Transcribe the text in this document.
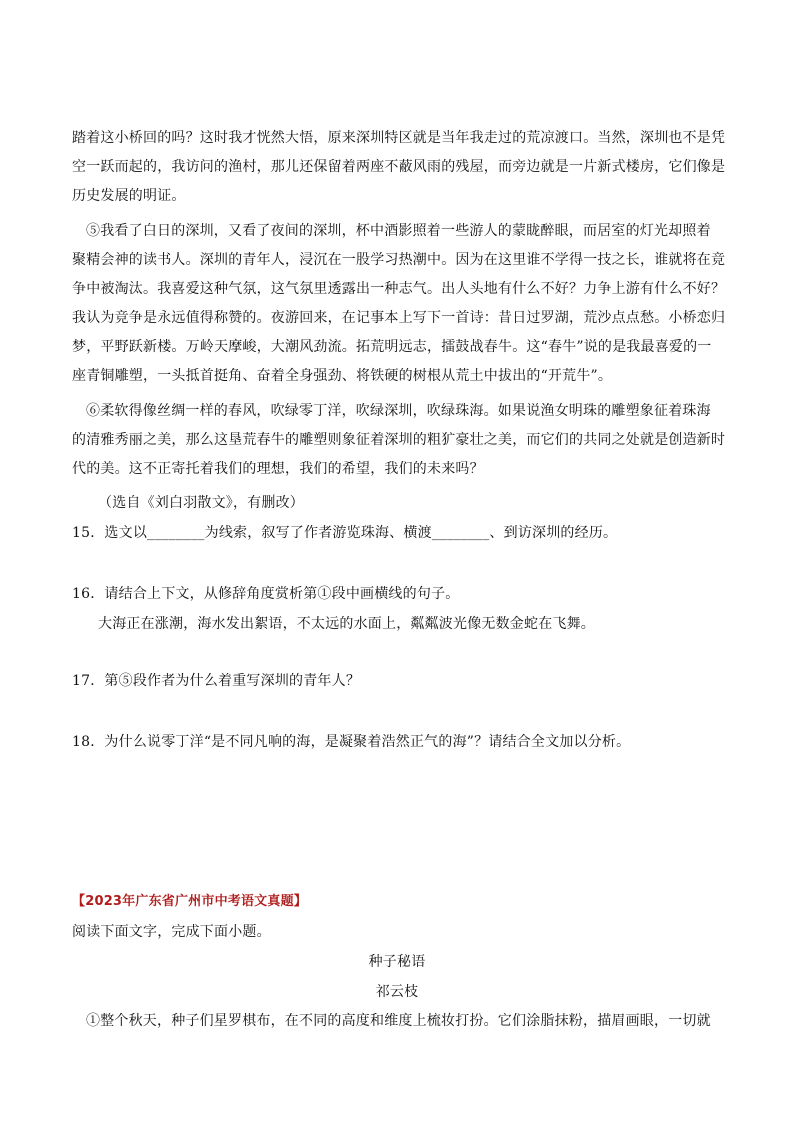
踏着这小桥回的吗？这时我才恍然大悟，原来深圳特区就是当年我走过的荒凉渡口。当然，深圳也不是凭
空一跃而起的，我访问的渔村，那儿还保留着两座不蔽风雨的残屋，而旁边就是一片新式楼房，它们像是
历史发展的明证。
⑤我看了白日的深圳，又看了夜间的深圳，杯中酒影照着一些游人的蒙眬醉眼，而居室的灯光却照着
聚精会神的读书人。深圳的青年人，浸沉在一股学习热潮中。因为在这里谁不学得一技之长，谁就将在竞
争中被淘汰。我喜爱这种气氛，这气氛里透露出一种志气。出人头地有什么不好？力争上游有什么不好？
我认为竞争是永远值得称赞的。夜游回来，在记事本上写下一首诗：昔日过罗湖，荒沙点点愁。小桥恋归
梦，平野跃新楼。万岭天摩峻，大潮风劲流。拓荒明远志，擂鼓战春牛。这“春牛”说的是我最喜爱的一
座青铜雕塑，一头抵首挺角、奋着全身强劲、将铁硬的树根从荒土中拔出的“开荒牛”。
⑥柔软得像丝绸一样的春风，吹绿零丁洋，吹绿深圳，吹绿珠海。如果说渔女明珠的雕塑象征着珠海
的清雅秀丽之美，那么这垦荒春牛的雕塑则象征着深圳的粗犷豪壮之美，而它们的共同之处就是创造新时
代的美。这不正寄托着我们的理想，我们的希望，我们的未来吗？
（选自《刘白羽散文》，有删改）
15．选文以________为线索，叙写了作者游览珠海、横渡________、到访深圳的经历。
16．请结合上下文，从修辞角度赏析第①段中画横线的句子。
大海正在涨潮，海水发出絮语，不太远的水面上，粼粼波光像无数金蛇在飞舞。
17．第⑤段作者为什么着重写深圳的青年人？
18．为什么说零丁洋“是不同凡响的海，是凝聚着浩然正气的海”？请结合全文加以分析。
【2023年广东省广州市中考语文真题】
阅读下面文字，完成下面小题。
种子秘语
祁云枝
①整个秋天，种子们星罗棋布，在不同的高度和维度上梳妆打扮。它们涂脂抹粉，描眉画眼，一切就
